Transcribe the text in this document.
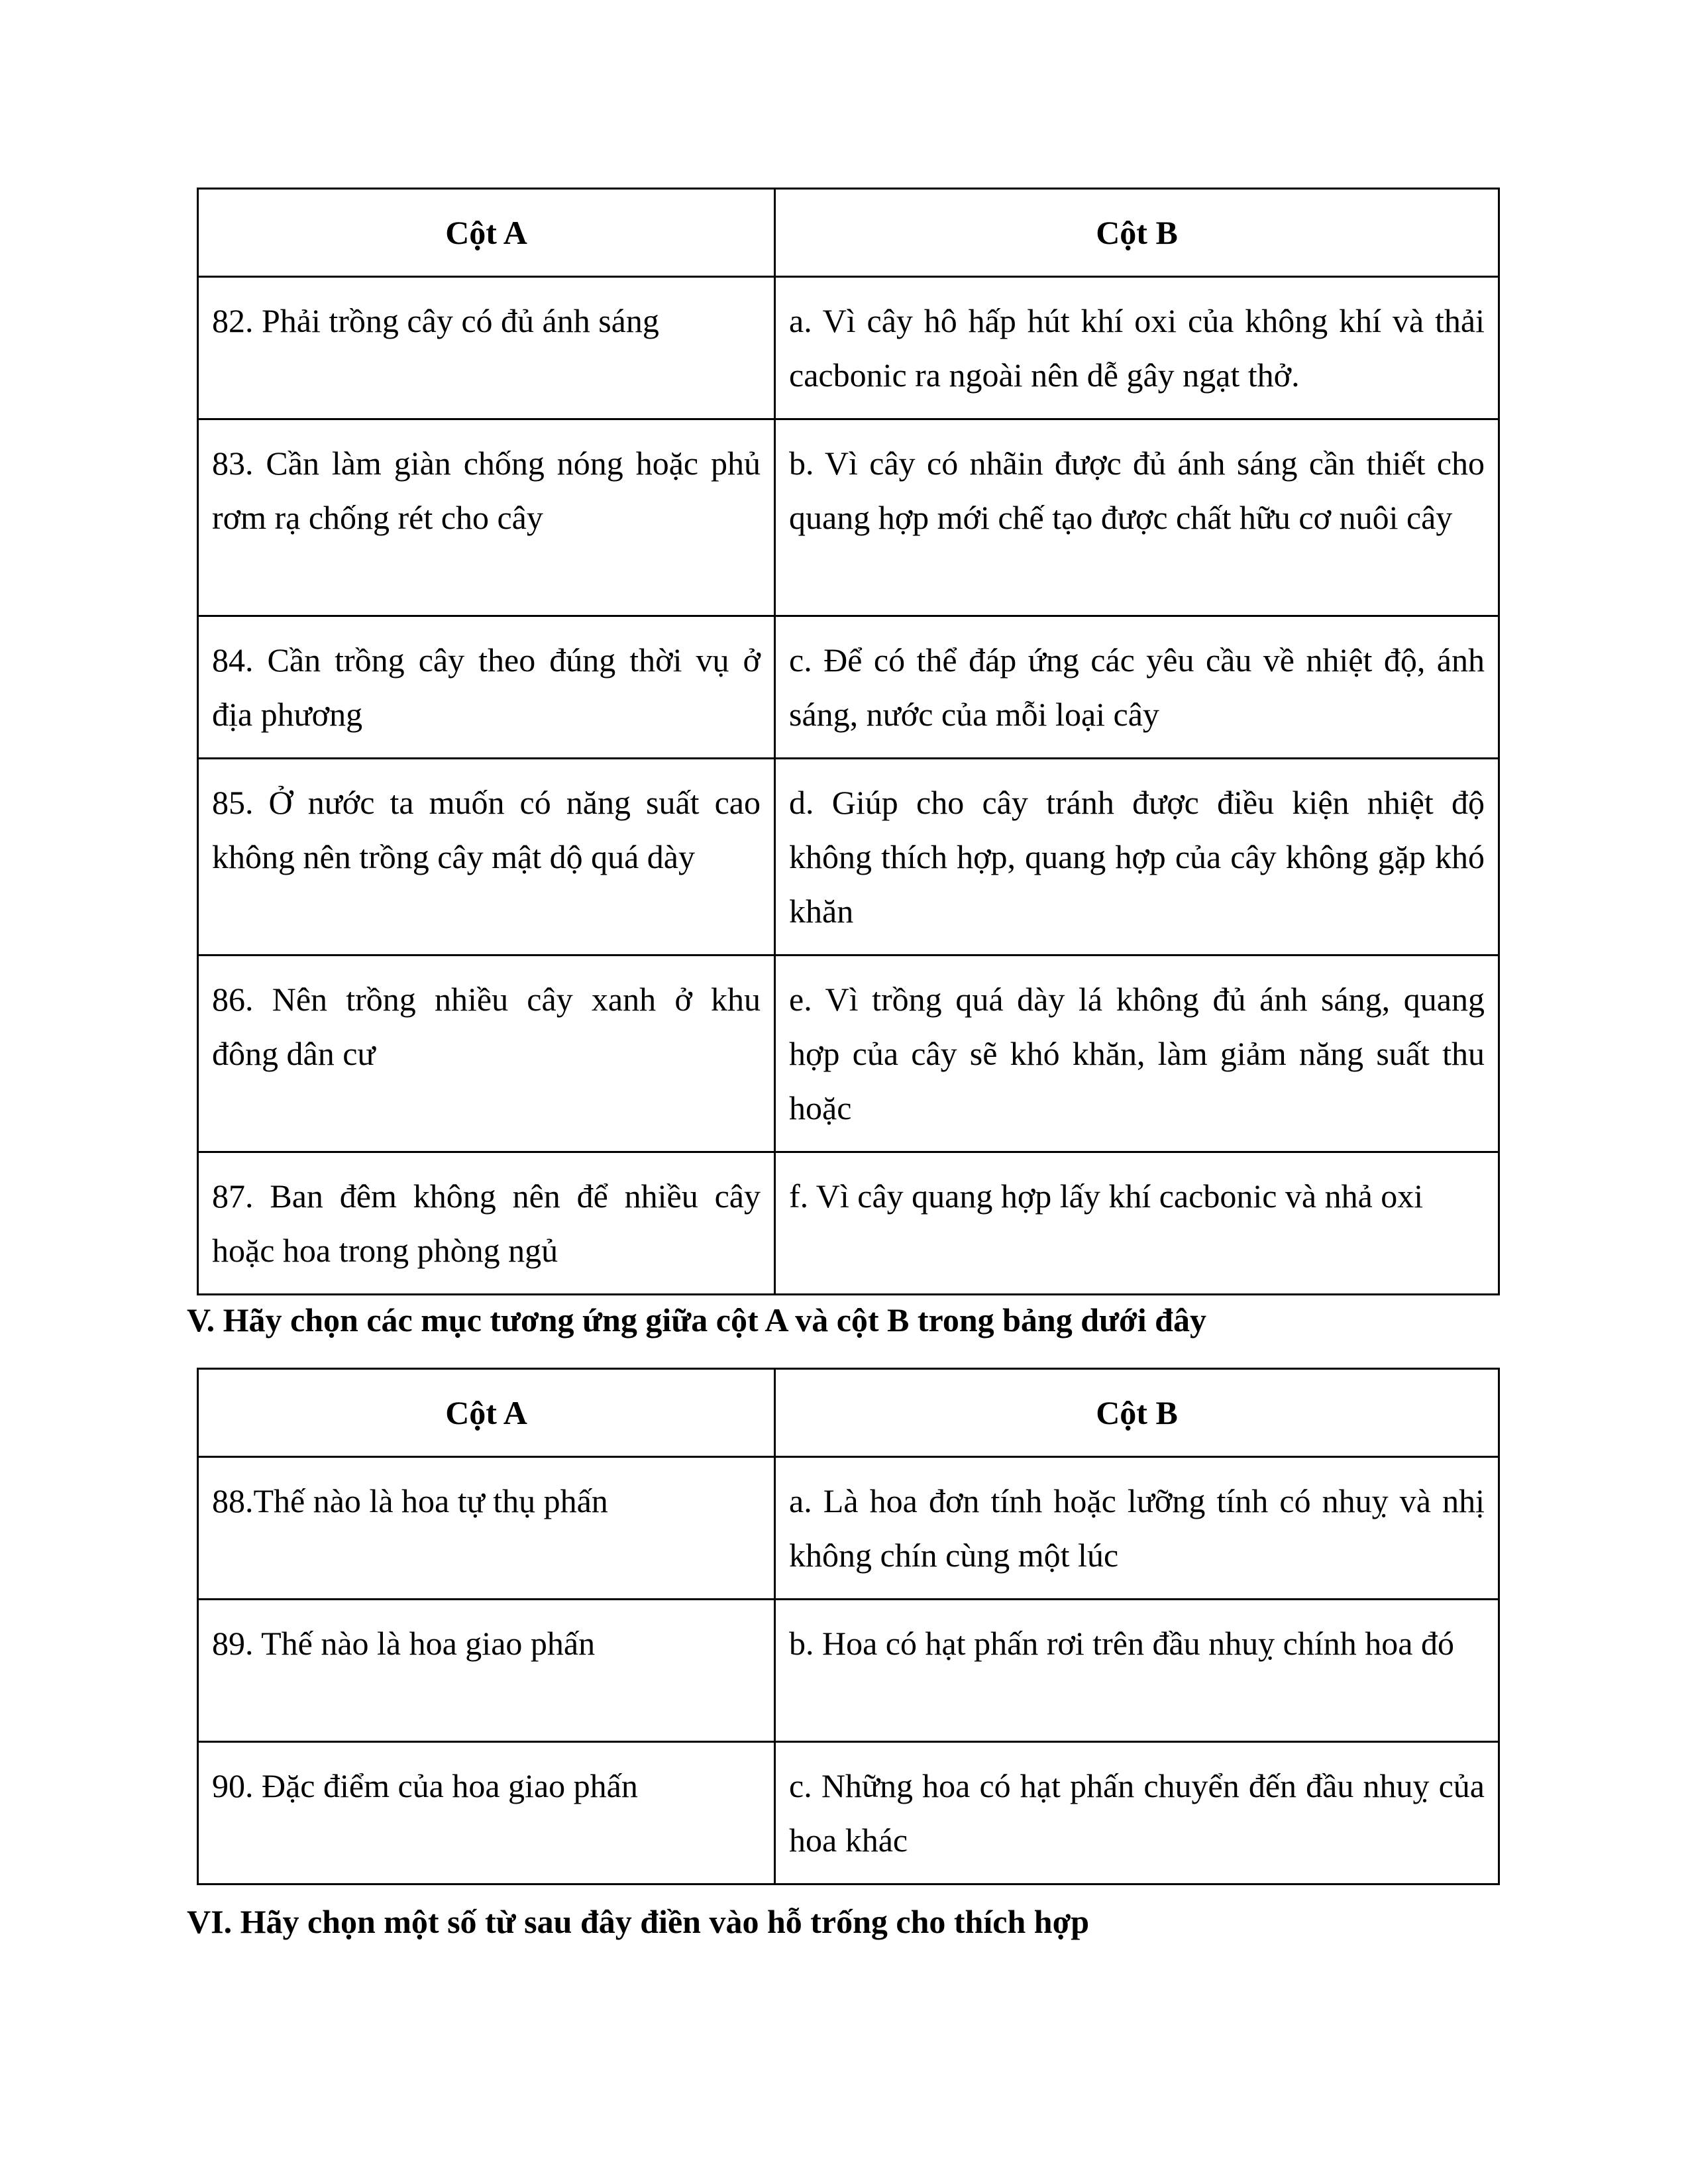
Cột A	Cột B
82. Phải trồng cây có đủ ánh sáng	a. Vì cây hô hấp hút khí oxi của không khí và thải cacbonic ra ngoài nên dễ gây ngạt thở.
83. Cần làm giàn chống nóng hoặc phủ rơm rạ chống rét cho cây	b. Vì cây có nhãin được đủ ánh sáng cần thiết cho quang hợp mới chế tạo được chất hữu cơ nuôi cây
84. Cần trồng cây theo đúng thời vụ ở địa phương	c. Để có thể đáp ứng các yêu cầu về nhiệt độ, ánh sáng, nước của mỗi loại cây
85. Ở nước ta muốn có năng suất cao không nên trồng cây mật dộ quá dày	d. Giúp cho cây tránh được điều kiện nhiệt độ không thích hợp, quang hợp của cây không gặp khó khăn
86. Nên trồng nhiều cây xanh ở khu đông dân cư	e. Vì trồng quá dày lá không đủ ánh sáng, quang hợp của cây sẽ khó khăn, làm giảm năng suất thu hoặc
87. Ban đêm không nên để nhiều cây hoặc hoa trong phòng ngủ	f. Vì cây quang hợp lấy khí cacbonic và nhả oxi
V. Hãy chọn các mục tương ứng giữa cột A và cột B trong bảng dưới đây
Cột A	Cột B
88.Thế nào là hoa tự thụ phấn	a. Là hoa đơn tính hoặc lưỡng tính có nhuỵ và nhị không chín cùng một lúc
89. Thế nào là hoa giao phấn	b. Hoa có hạt phấn rơi trên đầu nhuỵ chính hoa đó
90. Đặc điểm của hoa giao phấn	c. Những hoa có hạt phấn chuyển đến đầu nhuỵ của hoa khác
VI. Hãy chọn một số từ sau đây điền vào hỗ trống cho thích hợp
